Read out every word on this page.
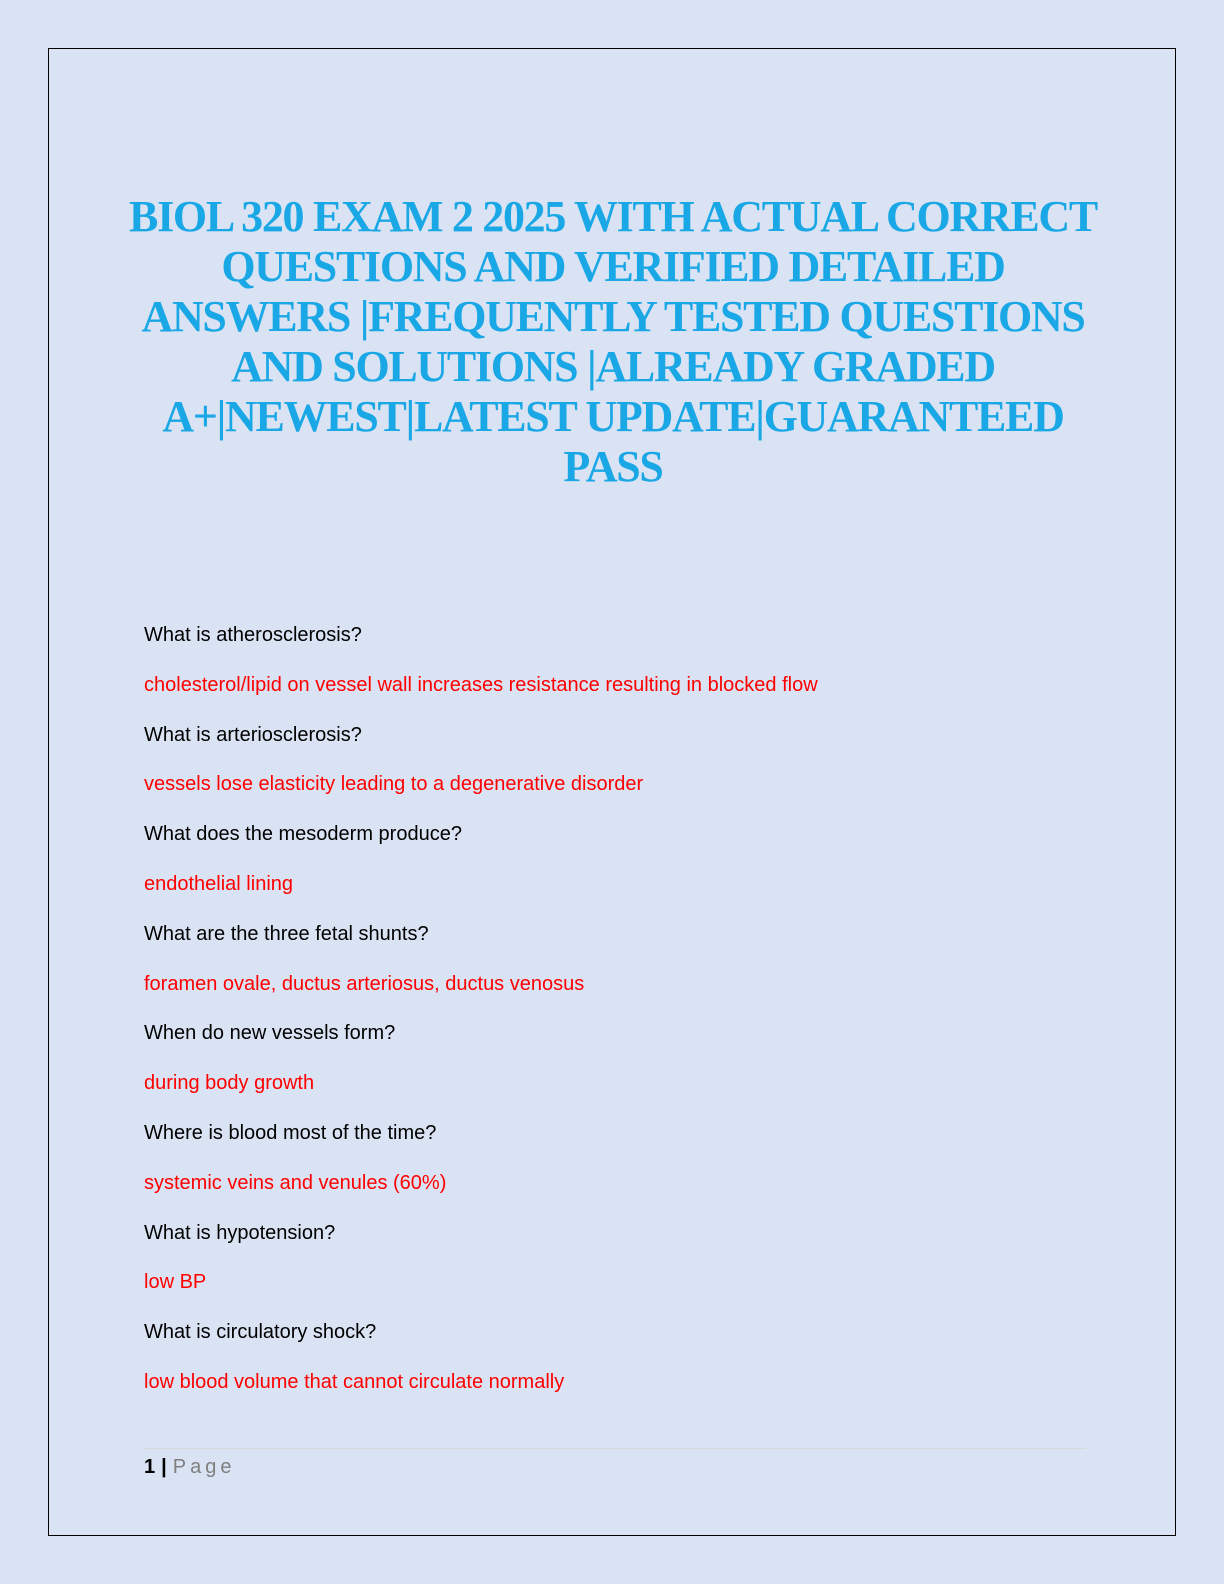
BIOL 320 EXAM 2 2025 WITH ACTUAL CORRECT QUESTIONS AND VERIFIED DETAILED ANSWERS |FREQUENTLY TESTED QUESTIONS AND SOLUTIONS |ALREADY GRADED A+|NEWEST|LATEST UPDATE|GUARANTEED PASS
What is atherosclerosis?
cholesterol/lipid on vessel wall increases resistance resulting in blocked flow
What is arteriosclerosis?
vessels lose elasticity leading to a degenerative disorder
What does the mesoderm produce?
endothelial lining
What are the three fetal shunts?
foramen ovale, ductus arteriosus, ductus venosus
When do new vessels form?
during body growth
Where is blood most of the time?
systemic veins and venules (60%)
What is hypotension?
low BP
What is circulatory shock?
low blood volume that cannot circulate normally
1 | Page
